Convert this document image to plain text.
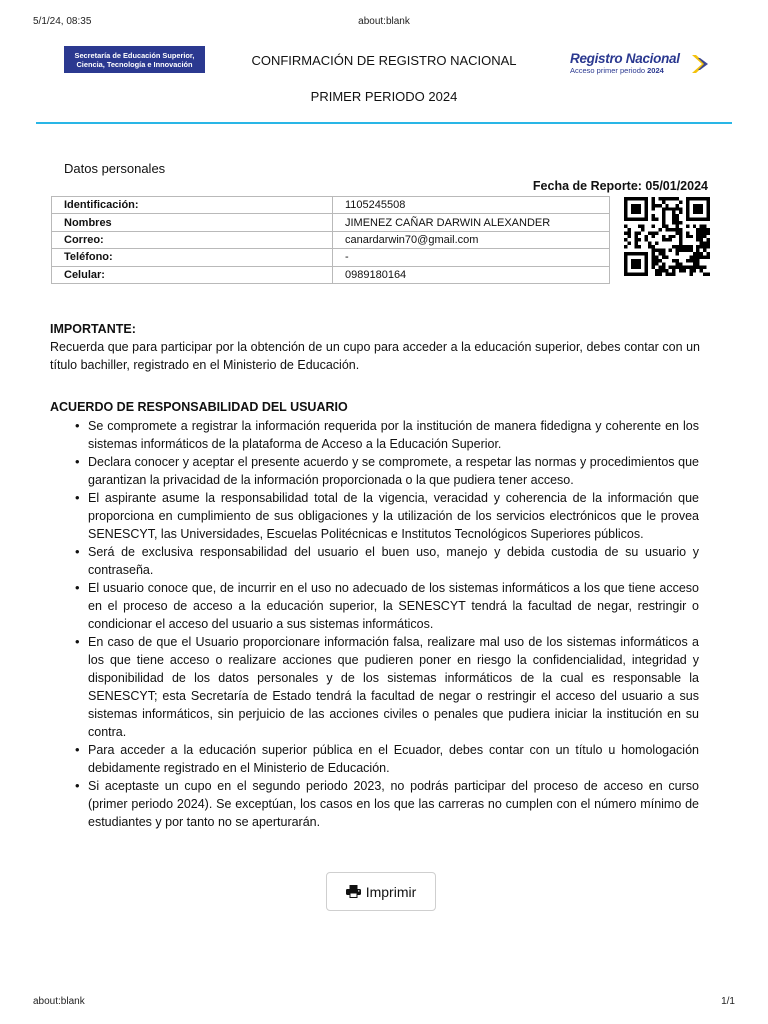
5/1/24, 08:35	about:blank
Secretaría de Educación Superior,
Ciencia, Tecnología e Innovación	CONFIRMACIÓN DE REGISTRO NACIONAL
PRIMER PERIODO 2024
Registro Nacional
Acceso primer periodo 2024
Datos personales
Fecha de Reporte: 05/01/2024
Identificación:	1105245508
Nombres	JIMENEZ CAÑAR DARWIN ALEXANDER
Correo:	canardarwin70@gmail.com
Teléfono:	-
Celular:	0989180164
IMPORTANTE:
Recuerda que para participar por la obtención de un cupo para acceder a la educación superior, debes contar con un título bachiller, registrado en el Ministerio de Educación.
ACUERDO DE RESPONSABILIDAD DEL USUARIO
• Se compromete a registrar la información requerida por la institución de manera fidedigna y coherente en los sistemas informáticos de la plataforma de Acceso a la Educación Superior.
• Declara conocer y aceptar el presente acuerdo y se compromete, a respetar las normas y procedimientos que garantizan la privacidad de la información proporcionada o la que pudiera tener acceso.
• El aspirante asume la responsabilidad total de la vigencia, veracidad y coherencia de la información que proporciona en cumplimiento de sus obligaciones y la utilización de los servicios electrónicos que le provea SENESCYT, las Universidades, Escuelas Politécnicas e Institutos Tecnológicos Superiores públicos.
• Será de exclusiva responsabilidad del usuario el buen uso, manejo y debida custodia de su usuario y contraseña.
• El usuario conoce que, de incurrir en el uso no adecuado de los sistemas informáticos a los que tiene acceso en el proceso de acceso a la educación superior, la SENESCYT tendrá la facultad de negar, restringir o condicionar el acceso del usuario a sus sistemas informáticos.
• En caso de que el Usuario proporcionare información falsa, realizare mal uso de los sistemas informáticos a los que tiene acceso o realizare acciones que pudieren poner en riesgo la confidencialidad, integridad y disponibilidad de los datos personales y de los sistemas informáticos de la cual es responsable la SENESCYT; esta Secretaría de Estado tendrá la facultad de negar o restringir el acceso del usuario a sus sistemas informáticos, sin perjuicio de las acciones civiles o penales que pudiera iniciar la institución en su contra.
• Para acceder a la educación superior pública en el Ecuador, debes contar con un título u homologación debidamente registrado en el Ministerio de Educación.
• Si aceptaste un cupo en el segundo periodo 2023, no podrás participar del proceso de acceso en curso (primer periodo 2024). Se exceptúan, los casos en los que las carreras no cumplen con el número mínimo de estudiantes y por tanto no se aperturarán.
Imprimir
about:blank	1/1
